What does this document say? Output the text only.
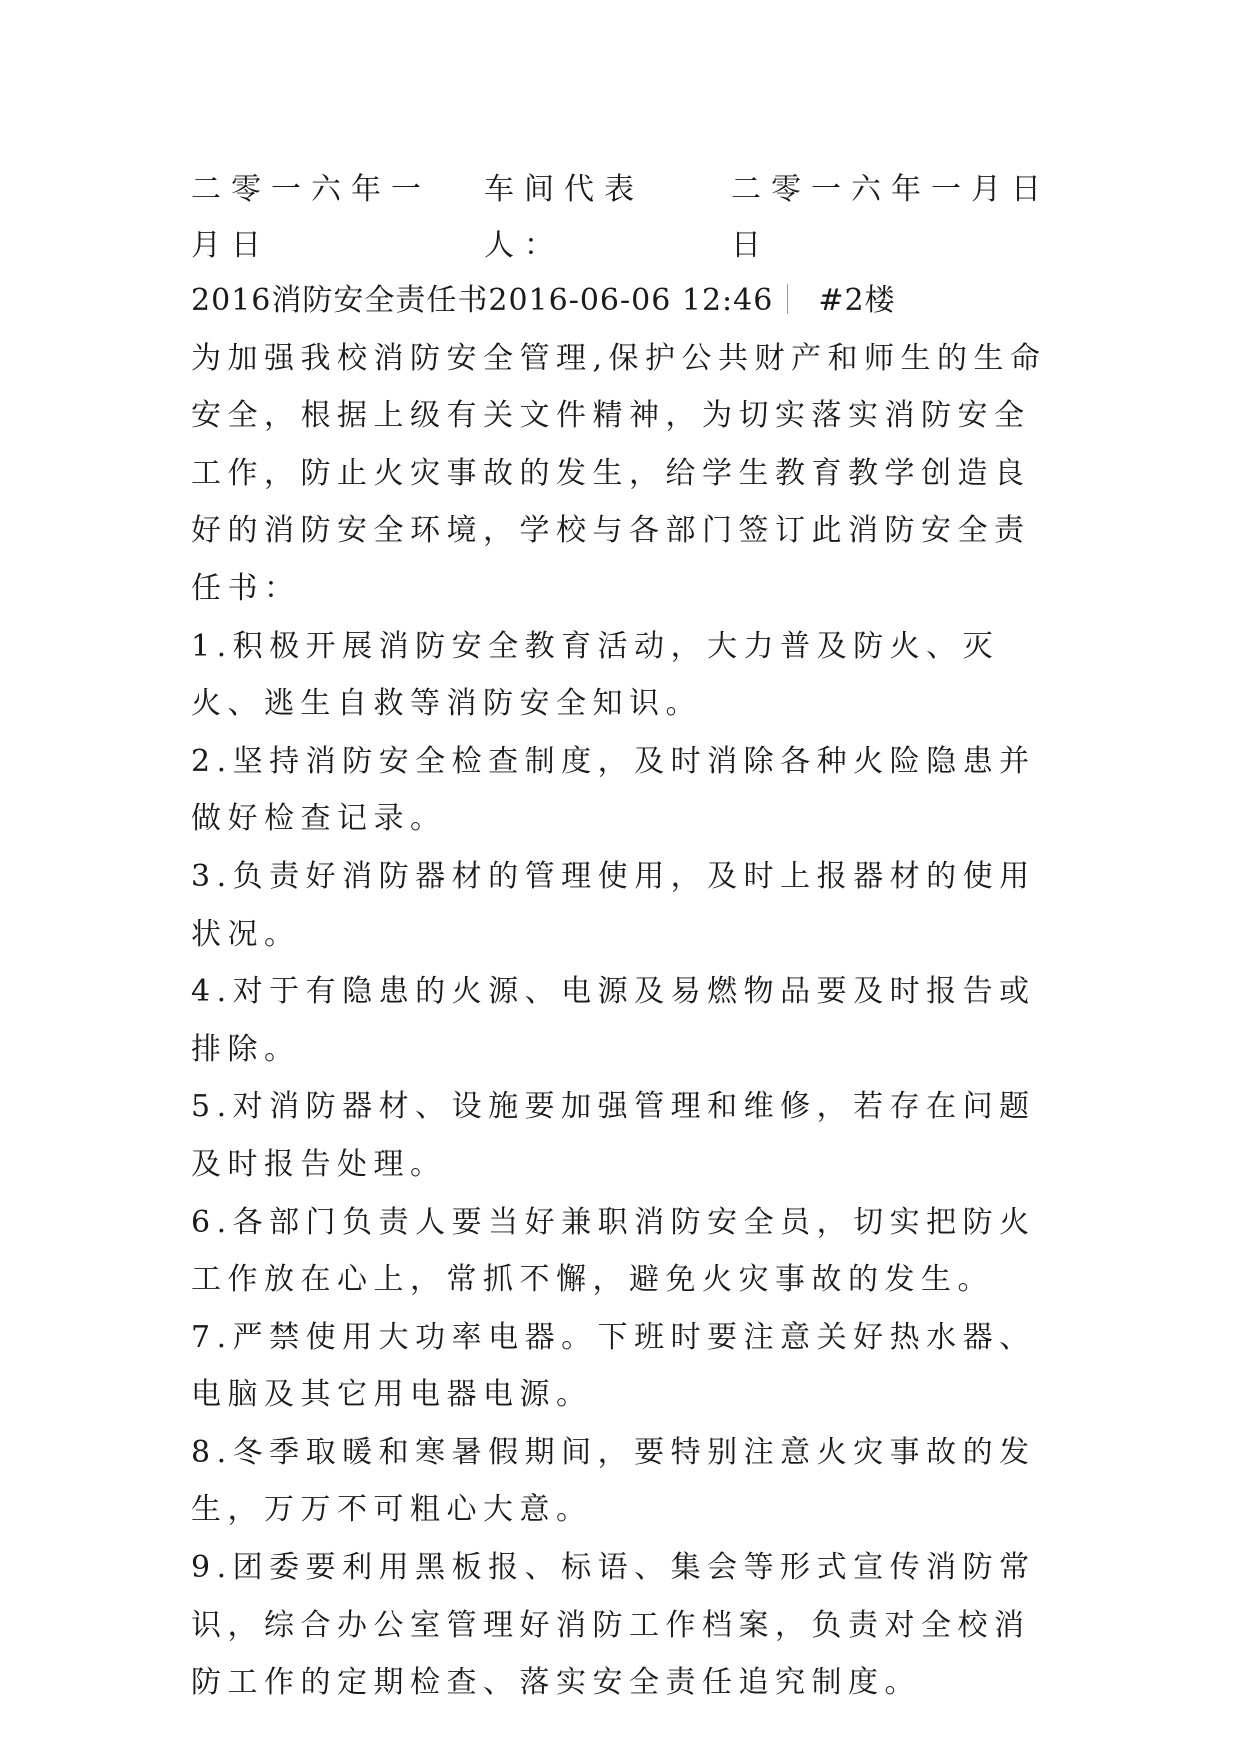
二零一六年一月日
车间代表人：
二零一六年一月日日

2016消防安全责任书2016-06-06 12:46 #2楼

为加强我校消防安全管理,保护公共财产和师生的生命安全，根据上级有关文件精神，为切实落实消防安全工作，防止火灾事故的发生，给学生教育教学创造良好的消防安全环境，学校与各部门签订此消防安全责任书：

1.积极开展消防安全教育活动，大力普及防火、灭火、逃生自救等消防安全知识。

2.坚持消防安全检查制度，及时消除各种火险隐患并做好检查记录。

3.负责好消防器材的管理使用，及时上报器材的使用状况。

4.对于有隐患的火源、电源及易燃物品要及时报告或排除。

5.对消防器材、设施要加强管理和维修，若存在问题及时报告处理。

6.各部门负责人要当好兼职消防安全员，切实把防火工作放在心上，常抓不懈，避免火灾事故的发生。

7.严禁使用大功率电器。下班时要注意关好热水器、电脑及其它用电器电源。

8.冬季取暖和寒暑假期间，要特别注意火灾事故的发生，万万不可粗心大意。

9.团委要利用黑板报、标语、集会等形式宣传消防常识，综合办公室管理好消防工作档案，负责对全校消防工作的定期检查、落实安全责任追究制度。
